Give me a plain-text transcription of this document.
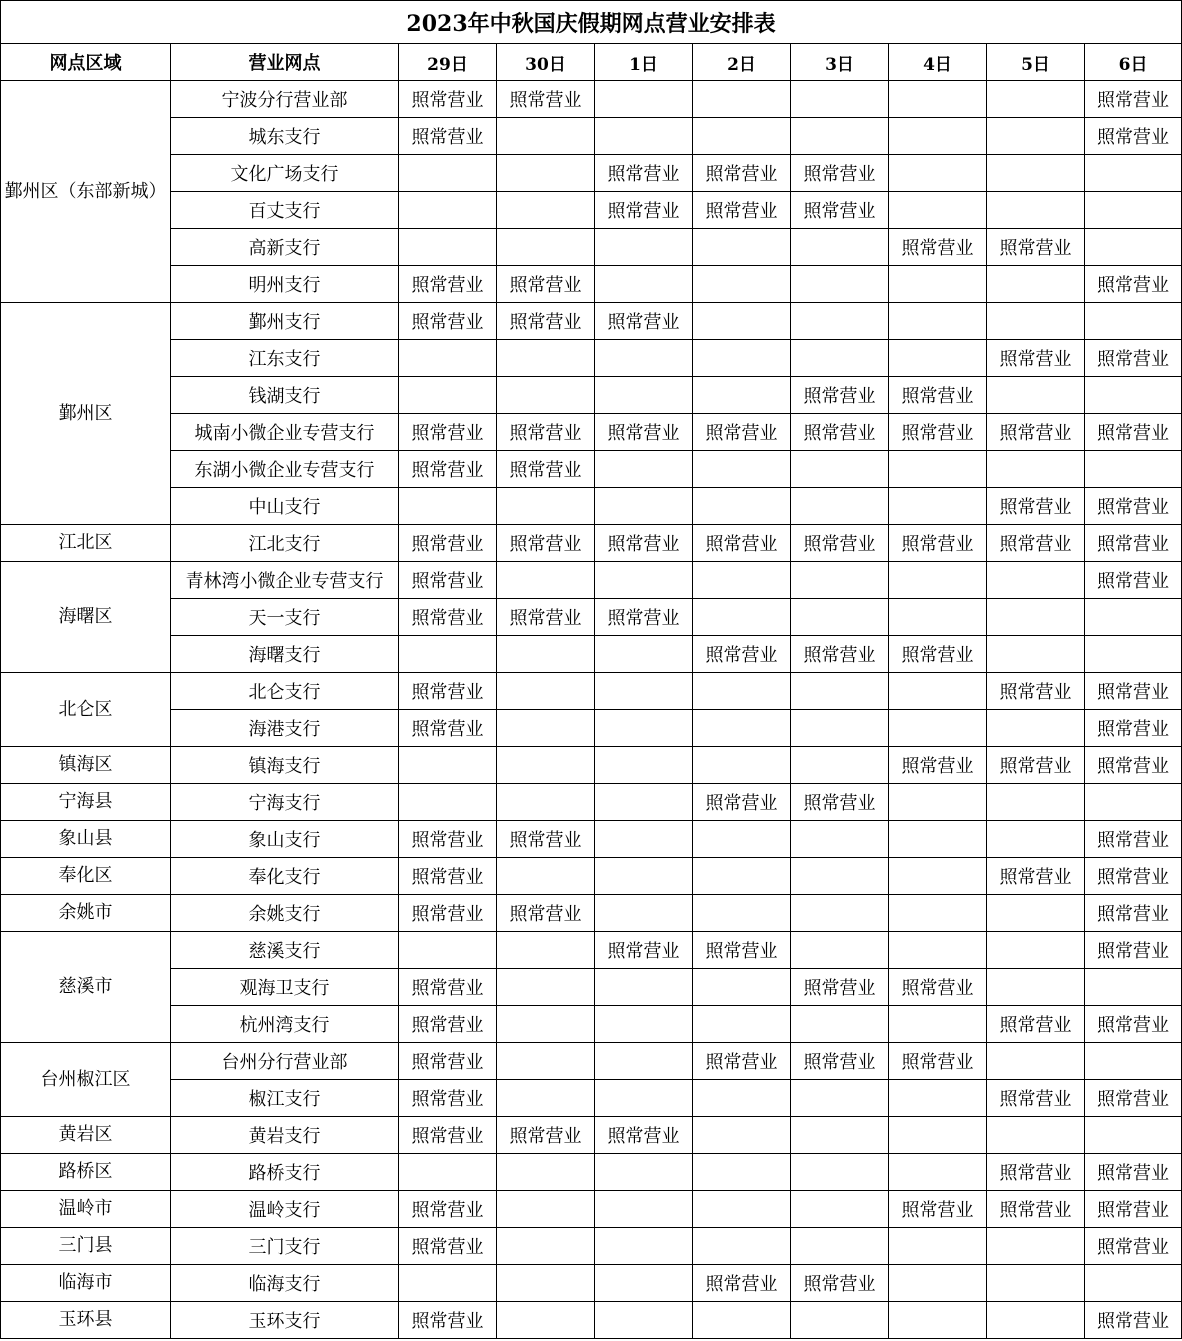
2023年中秋国庆假期网点营业安排表									
网点区域	营业网点	29日	30日	1日	2日	3日	4日	5日	6日
鄞州区（东部新城）	宁波分行营业部	照常营业	照常营业						照常营业
	城东支行	照常营业							照常营业
	文化广场支行			照常营业	照常营业	照常营业			
	百丈支行			照常营业	照常营业	照常营业			
	高新支行						照常营业	照常营业	
	明州支行	照常营业	照常营业						照常营业
鄞州区	鄞州支行	照常营业	照常营业	照常营业					
	江东支行							照常营业	照常营业
	钱湖支行					照常营业	照常营业		
	城南小微企业专营支行	照常营业	照常营业	照常营业	照常营业	照常营业	照常营业	照常营业	照常营业
	东湖小微企业专营支行	照常营业	照常营业						
	中山支行							照常营业	照常营业
江北区	江北支行	照常营业	照常营业	照常营业	照常营业	照常营业	照常营业	照常营业	照常营业
海曙区	青林湾小微企业专营支行	照常营业							照常营业
	天一支行	照常营业	照常营业	照常营业					
	海曙支行				照常营业	照常营业	照常营业		
北仑区	北仑支行	照常营业						照常营业	照常营业
	海港支行	照常营业							照常营业
镇海区	镇海支行						照常营业	照常营业	照常营业
宁海县	宁海支行				照常营业	照常营业			
象山县	象山支行	照常营业	照常营业						照常营业
奉化区	奉化支行	照常营业						照常营业	照常营业
余姚市	余姚支行	照常营业	照常营业						照常营业
慈溪市	慈溪支行			照常营业	照常营业				照常营业
	观海卫支行	照常营业				照常营业	照常营业		
	杭州湾支行	照常营业						照常营业	照常营业
台州椒江区	台州分行营业部	照常营业			照常营业	照常营业	照常营业		
	椒江支行	照常营业						照常营业	照常营业
黄岩区	黄岩支行	照常营业	照常营业	照常营业					
路桥区	路桥支行							照常营业	照常营业
温岭市	温岭支行	照常营业					照常营业	照常营业	照常营业
三门县	三门支行	照常营业							照常营业
临海市	临海支行				照常营业	照常营业			
玉环县	玉环支行	照常营业							照常营业
